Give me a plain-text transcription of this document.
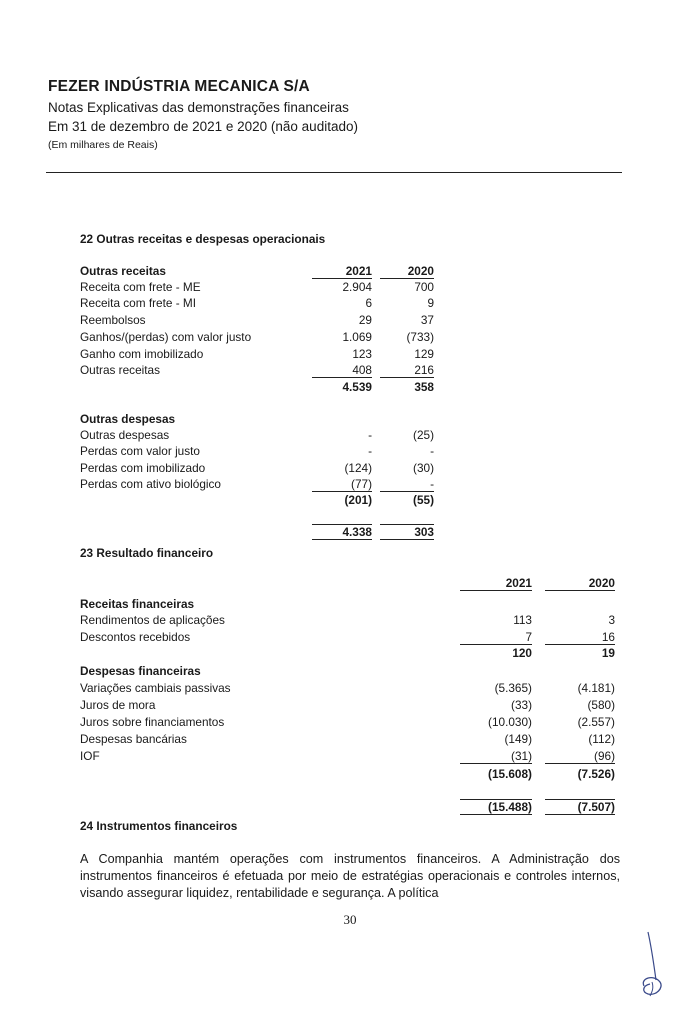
FEZER INDÚSTRIA MECANICA S/A
Notas Explicativas das demonstrações financeiras
Em 31 de dezembro de 2021 e 2020 (não auditado)
(Em milhares de Reais)
22 Outras receitas e despesas operacionais
Outras receitas	2021	2020
Receita com frete - ME	2.904	700
Receita com frete - MI	6	9
Reembolsos	29	37
Ganhos/(perdas) com valor justo	1.069	(733)
Ganho com imobilizado	123	129
Outras receitas	408	216
4.539	358
Outras despesas
Outras despesas	-	(25)
Perdas com valor justo	-	-
Perdas com imobilizado	(124)	(30)
Perdas com ativo biológico	(77)	-
(201)	(55)
4.338	303
23 Resultado financeiro
2021	2020
Receitas financeiras
Rendimentos de aplicações	113	3
Descontos recebidos	7	16
120	19
Despesas financeiras
Variações cambiais passivas	(5.365)	(4.181)
Juros de mora	(33)	(580)
Juros sobre financiamentos	(10.030)	(2.557)
Despesas bancárias	(149)	(112)
IOF	(31)	(96)
(15.608)	(7.526)
(15.488)	(7.507)
24 Instrumentos financeiros
A Companhia mantém operações com instrumentos financeiros. A Administração dos instrumentos financeiros é efetuada por meio de estratégias operacionais e controles internos, visando assegurar liquidez, rentabilidade e segurança. A política
30
